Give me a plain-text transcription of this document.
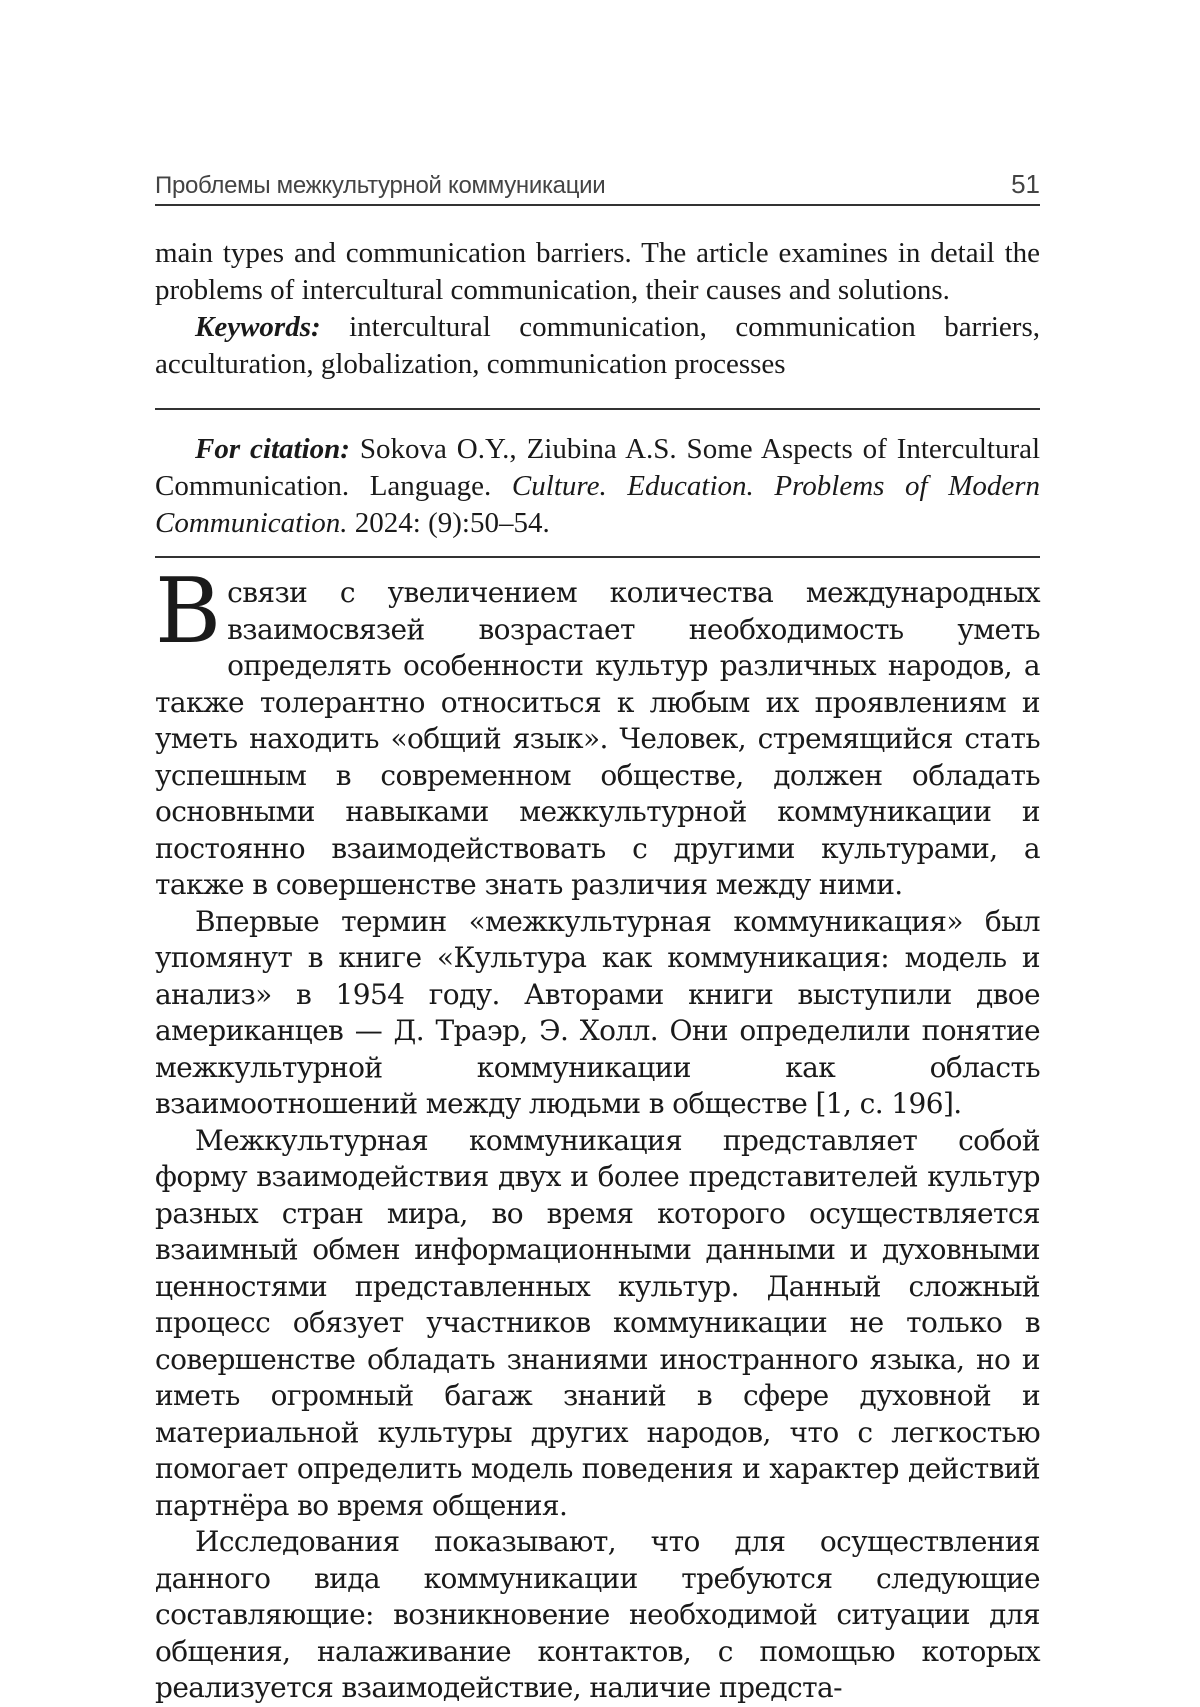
Проблемы межкультурной коммуникации	51

main types and communication barriers. The article examines in detail the problems of intercultural communication, their causes and solutions.

Keywords: intercultural communication, communication barriers, acculturation, globalization, communication processes

For citation: Sokova O.Y., Ziubina A.S. Some Aspects of Intercultural Communication. Language. Culture. Education. Problems of Modern Communication. 2024: (9):50–54.

Всвязи с увеличением количества международных взаимосвязей возрастает необходимость уметь определять особенности культур различных народов, а также толерантно относиться к любым их проявлениям и уметь находить «общий язык». Человек, стремящийся стать успешным в современном обществе, должен обладать основными навыками межкультурной коммуникации и постоянно взаимодействовать с другими культурами, а также в совершенстве знать различия между ними.

Впервые термин «межкультурная коммуникация» был упомянут в книге «Культура как коммуникация: модель и анализ» в 1954 году. Авторами книги выступили двое американцев — Д. Траэр, Э. Холл. Они определили понятие межкультурной коммуникации как область взаимоотношений между людьми в обществе [1, с. 196].

Межкультурная коммуникация представляет собой форму взаимодействия двух и более представителей культур разных стран мира, во время которого осуществляется взаимный обмен информационными данными и духовными ценностями представленных культур. Данный сложный процесс обязует участников коммуникации не только в совершенстве обладать знаниями иностранного языка, но и иметь огромный багаж знаний в сфере духовной и материальной культуры других народов, что с легкостью помогает определить модель поведения и характер действий партнёра во время общения.

Исследования показывают, что для осуществления данного вида коммуникации требуются следующие составляющие: возникновение необходимой ситуации для общения, налаживание контактов, с помощью которых реализуется взаимодействие, наличие предста-
